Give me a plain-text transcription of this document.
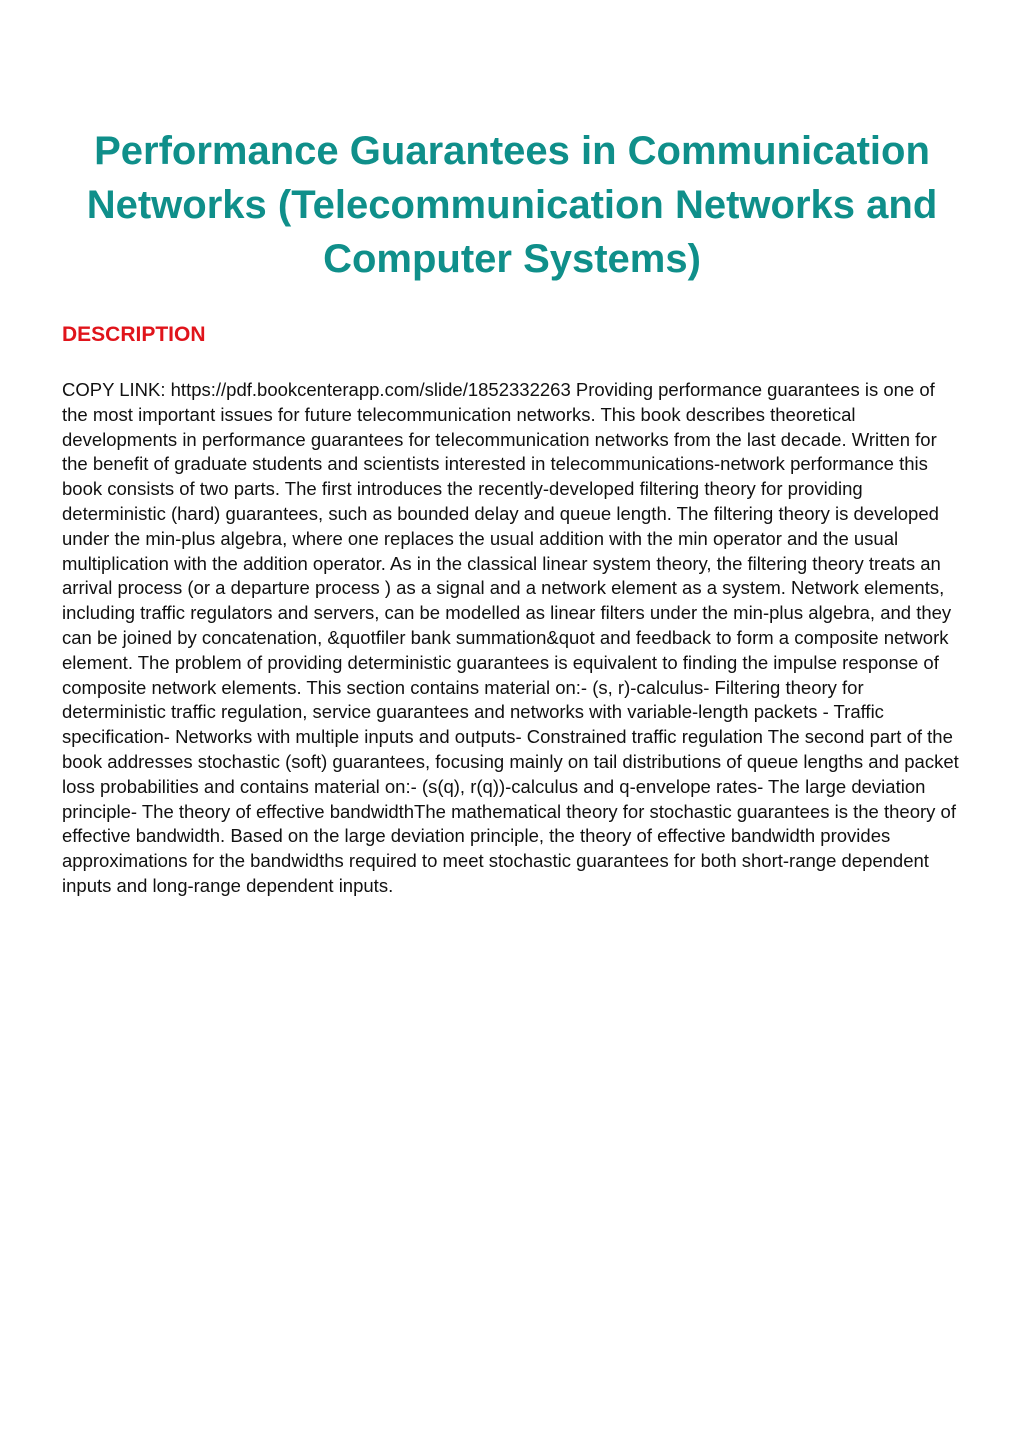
Performance Guarantees in Communication Networks (Telecommunication Networks and Computer Systems)
DESCRIPTION

COPY LINK: https://pdf.bookcenterapp.com/slide/1852332263 Providing performance guarantees is one of the most important issues for future telecommunication networks. This book describes theoretical developments in performance guarantees for telecommunication networks from the last decade. Written for the benefit of graduate students and scientists interested in telecommunications-network performance this book consists of two parts. The first introduces the recently-developed filtering theory for providing deterministic (hard) guarantees, such as bounded delay and queue length. The filtering theory is developed under the min-plus algebra, where one replaces the usual addition with the min operator and the usual multiplication with the addition operator. As in the classical linear system theory, the filtering theory treats an arrival process (or a departure process ) as a signal and a network element as a system. Network elements, including traffic regulators and servers, can be modelled as linear filters under the min-plus algebra, and they can be joined by concatenation, &quotfiler bank summation&quot and feedback to form a composite network element. The problem of providing deterministic guarantees is equivalent to finding the impulse response of composite network elements. This section contains material on:- (s, r)-calculus- Filtering theory for deterministic traffic regulation, service guarantees and networks with variable-length packets - Traffic specification- Networks with multiple inputs and outputs- Constrained traffic regulation The second part of the book addresses stochastic (soft) guarantees, focusing mainly on tail distributions of queue lengths and packet loss probabilities and contains material on:- (s(q), r(q))-calculus and q-envelope rates- The large deviation principle- The theory of effective bandwidthThe mathematical theory for stochastic guarantees is the theory of effective bandwidth. Based on the large deviation principle, the theory of effective bandwidth provides approximations for the bandwidths required to meet stochastic guarantees for both short-range dependent inputs and long-range dependent inputs.
